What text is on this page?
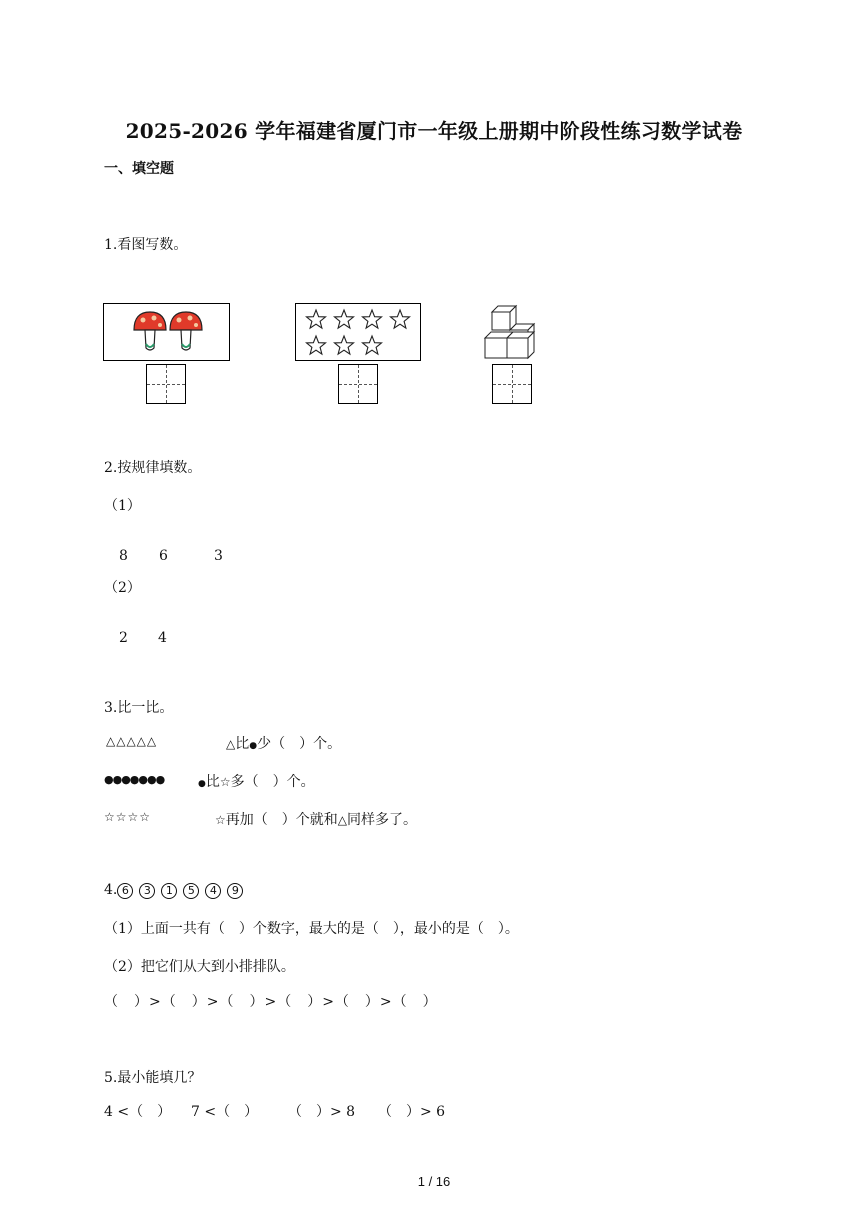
2025-2026 学年福建省厦门市一年级上册期中阶段性练习数学试卷
一、填空题
1.看图写数。
2.按规律填数。
（1）
8 6	3
（2）
2 4
3.比一比。
△△△△△	△比●少（　）个。
●●●●●●●	●比☆多（　）个。
☆☆☆☆	☆再加（　）个就和△同样多了。
4. 6 3 1 5 4 9
（1）上面一共有（　）个数字，最大的是（　），最小的是（　）。
（2）把它们从大到小排排队。
（　）>（　）>（　）>（　）>（　）>（　）
5.最小能填几？
4 <（　） 7 <（　） （　）> 8 （　）> 6
1 / 16
